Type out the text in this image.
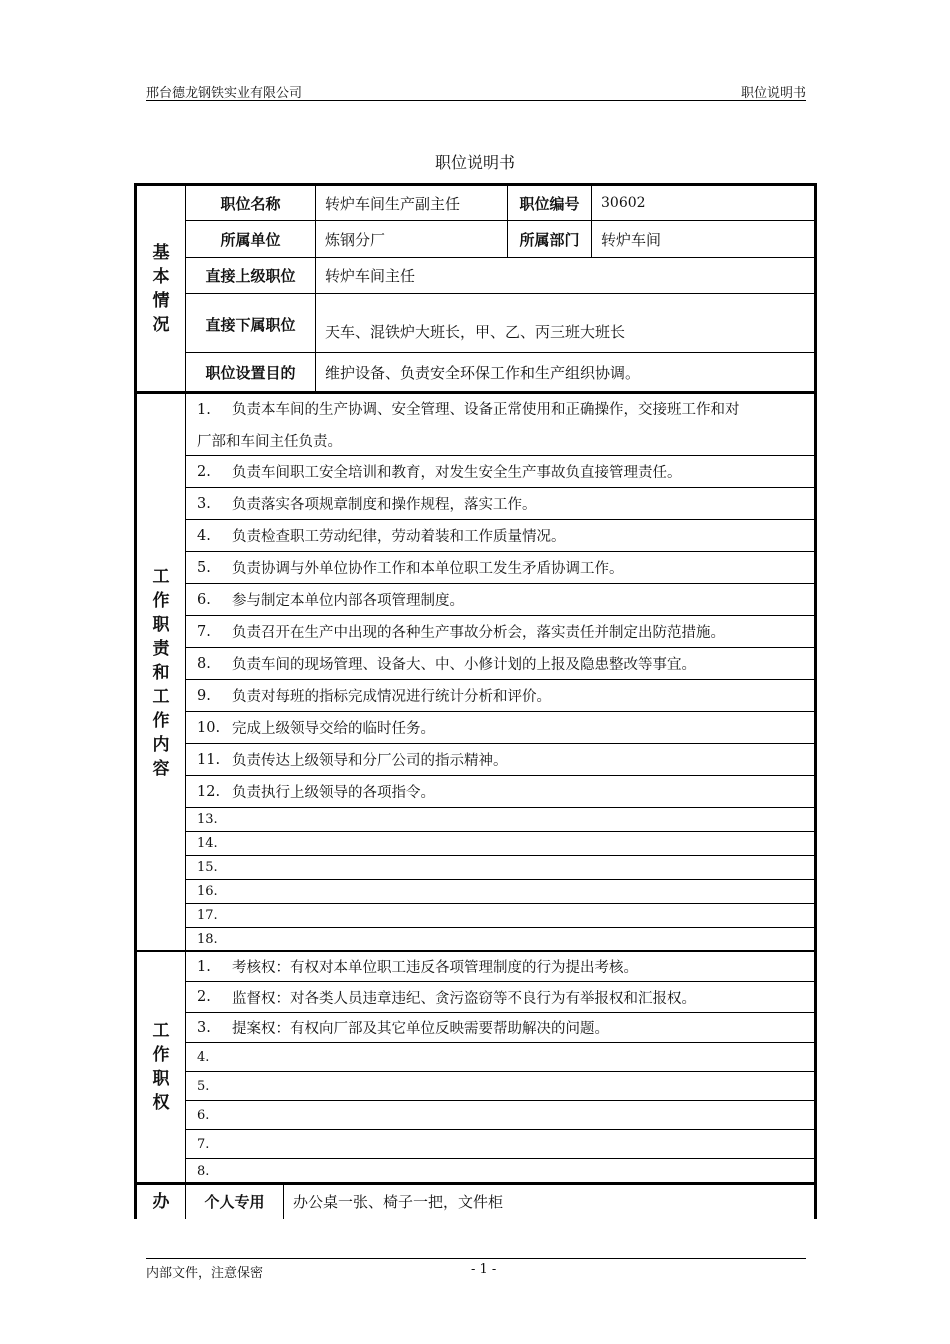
邢台德龙钢铁实业有限公司	职位说明书
职位说明书
基
本
情
况
职位名称	转炉车间生产副主任	职位编号	30602
所属单位	炼钢分厂	所属部门	转炉车间
直接上级职位	转炉车间主任
直接下属职位	天车、混铁炉大班长，甲、乙、丙三班大班长
职位设置目的	维护设备、负责安全环保工作和生产组织协调。
工
作
职
责
和
工
作
内
容
1. 负责本车间的生产协调、安全管理、设备正常使用和正确操作，交接班工作和对
厂部和车间主任负责。
2.	负责车间职工安全培训和教育，对发生安全生产事故负直接管理责任。
3.	负责落实各项规章制度和操作规程，落实工作。
4.	负责检查职工劳动纪律，劳动着装和工作质量情况。
5.	负责协调与外单位协作工作和本单位职工发生矛盾协调工作。
6.	参与制定本单位内部各项管理制度。
7.	负责召开在生产中出现的各种生产事故分析会，落实责任并制定出防范措施。
8.	负责车间的现场管理、设备大、中、小修计划的上报及隐患整改等事宜。
9.	负责对每班的指标完成情况进行统计分析和评价。
10. 完成上级领导交给的临时任务。
11. 负责传达上级领导和分厂公司的指示精神。
12. 负责执行上级领导的各项指令。
13.
14.
15.
16.
17.
18.
工
作
职
权
1.	考核权：有权对本单位职工违反各项管理制度的行为提出考核。
2.	监督权：对各类人员违章违纪、贪污盗窃等不良行为有举报权和汇报权。
3.	提案权：有权向厂部及其它单位反映需要帮助解决的问题。
4.
5.
6.
7.
8.
办	个人专用	办公桌一张、椅子一把，文件柜
内部文件，注意保密	- 1 -
